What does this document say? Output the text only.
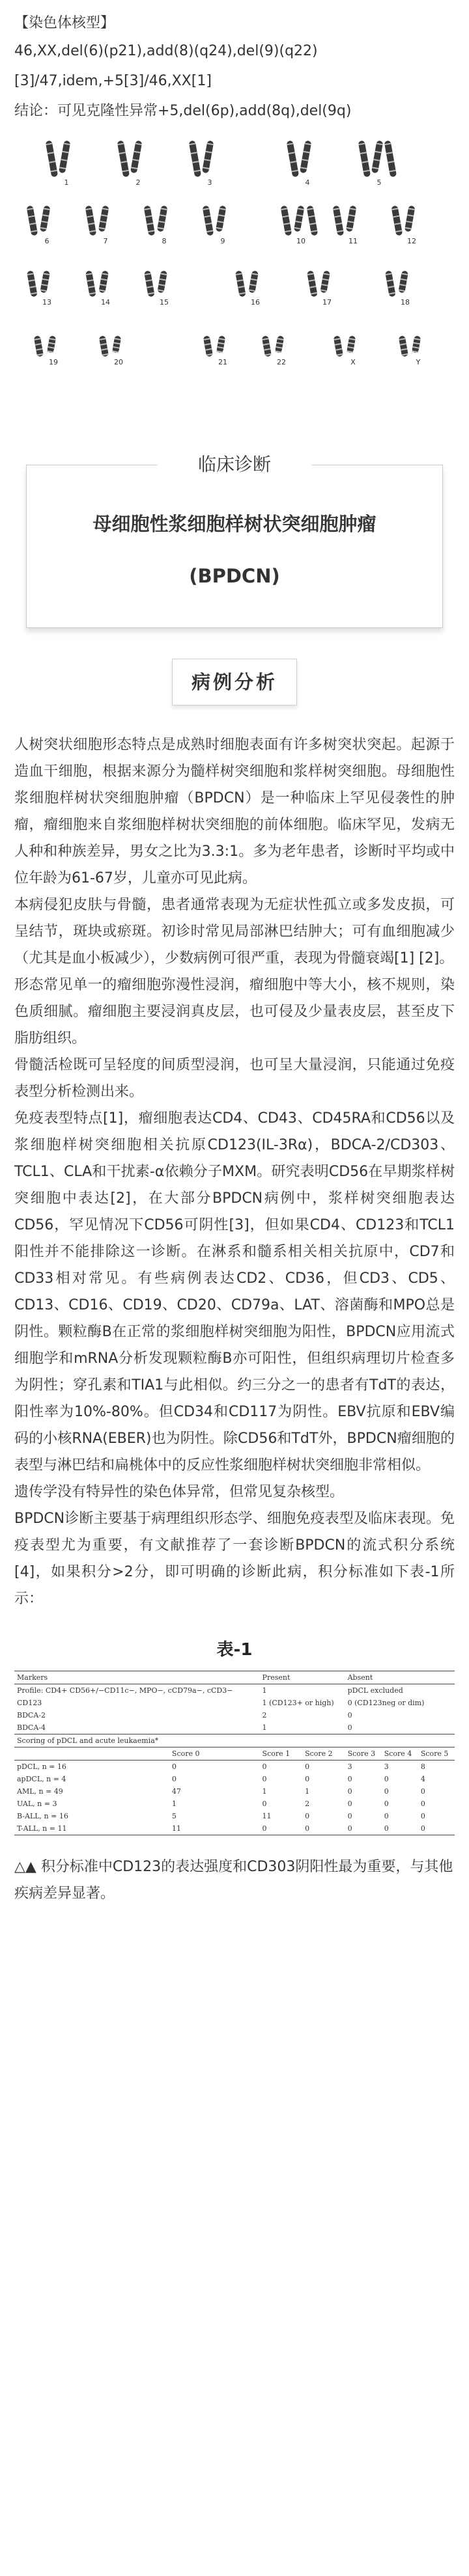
【染色体核型】
46,XX,del(6)(p21),add(8)(q24),del(9)(q22)
[3]/47,idem,+5[3]/46,XX[1]
结论：可见克隆性异常+5,del(6p),add(8q),del(9q)
1	2	3	4	5
6	7	8	9	10	11	12
13	14	15	16	17	18
19	20	21	22	X	Y
临床诊断
母细胞性浆细胞样树状突细胞肿瘤
(BPDCN)
病例分析

人树突状细胞形态特点是成熟时细胞表面有许多树突状突起。起源于造血干细胞，根据来源分为髓样树突细胞和浆样树突细胞。母细胞性浆细胞样树状突细胞肿瘤（BPDCN）是一种临床上罕见侵袭性的肿瘤，瘤细胞来自浆细胞样树状突细胞的前体细胞。临床罕见，发病无人种和种族差异，男女之比为3.3:1。多为老年患者，诊断时平均或中位年龄为61-67岁，儿童亦可见此病。

本病侵犯皮肤与骨髓，患者通常表现为无症状性孤立或多发皮损，可呈结节，斑块或瘀斑。初诊时常见局部淋巴结肿大；可有血细胞减少（尤其是血小板减少），少数病例可很严重，表现为骨髓衰竭[1] [2]。

形态常见单一的瘤细胞弥漫性浸润，瘤细胞中等大小，核不规则，染色质细腻。瘤细胞主要浸润真皮层，也可侵及少量表皮层，甚至皮下脂肪组织。

骨髓活检既可呈轻度的间质型浸润，也可呈大量浸润，只能通过免疫表型分析检测出来。

免疫表型特点[1]，瘤细胞表达CD4、CD43、CD45RA和CD56以及浆细胞样树突细胞相关抗原CD123(IL-3Rα)，BDCA-2/CD303、TCL1、CLA和干扰素-α依赖分子MXM。研究表明CD56在早期浆样树突细胞中表达[2]，在大部分BPDCN病例中，浆样树突细胞表达CD56，罕见情况下CD56可阴性[3]，但如果CD4、CD123和TCL1阳性并不能排除这一诊断。在淋系和髓系相关相关抗原中，CD7和CD33相对常见。有些病例表达CD2、CD36，但CD3、CD5、CD13、CD16、CD19、CD20、CD79a、LAT、溶菌酶和MPO总是阴性。颗粒酶B在正常的浆细胞样树突细胞为阳性，BPDCN应用流式细胞学和mRNA分析发现颗粒酶B亦可阳性，但组织病理切片检查多为阴性；穿孔素和TIA1与此相似。约三分之一的患者有TdT的表达，阳性率为10%-80%。但CD34和CD117为阴性。EBV抗原和EBV编码的小核RNA(EBER)也为阴性。除CD56和TdT外，BPDCN瘤细胞的表型与淋巴结和扁桃体中的反应性浆细胞样树状突细胞非常相似。

遗传学没有特异性的染色体异常，但常见复杂核型。

BPDCN诊断主要基于病理组织形态学、细胞免疫表型及临床表现。免疫表型尤为重要，有文献推荐了一套诊断BPDCN的流式积分系统[4]，如果积分>2分，即可明确的诊断此病，积分标准如下表-1所示：

表-1
Markers		Present		Absent		
Profile: CD4+ CD56+/−CD11c−, MPO−, cCD79a−, cCD3−		1		pDCL excluded		
CD123		1 (CD123+ or high)		0 (CD123neg or dim)		
BDCA-2		2		0		
BDCA-4		1		0		
Scoring of pDCL and acute leukaemia*						
	Score 0	Score 1	Score 2	Score 3	Score 4	Score 5
pDCL, n = 16	0	0	0	3	3	8
apDCL, n = 4	0	0	0	0	0	4
AML, n = 49	47	1	1	0	0	0
UAL, n = 3	1	0	2	0	0	0
B-ALL, n = 16	5	11	0	0	0	0
T-ALL, n = 11	11	0	0	0	0	0
△▲ 积分标准中CD123的表达强度和CD303阴阳性最为重要，与其他疾病差异显著。
